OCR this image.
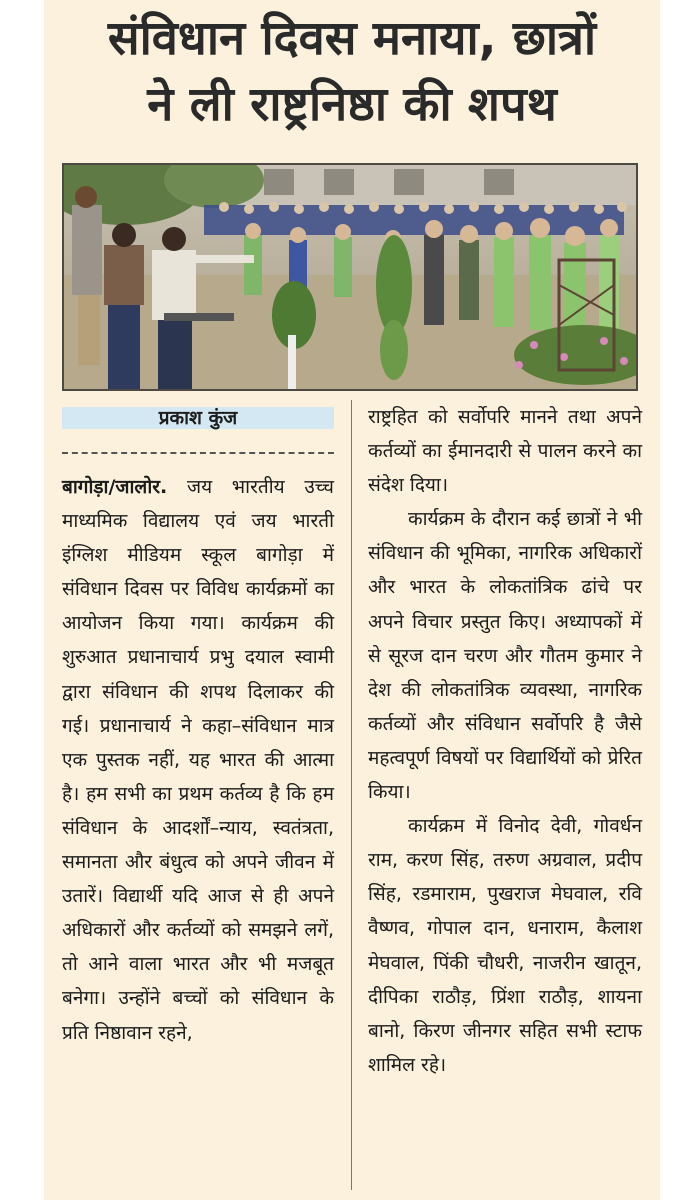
संविधान दिवस मनाया, छात्रों
ने ली राष्ट्रनिष्ठा की शपथ
प्रकाश कुंज

बागोड़ा/जालोर. जय भारतीय उच्च माध्यमिक विद्यालय एवं जय भारती इंग्लिश मीडियम स्कूल बागोड़ा में संविधान दिवस पर विविध कार्यक्रमों का आयोजन किया गया। कार्यक्रम की शुरुआत प्रधानाचार्य प्रभु दयाल स्वामी द्वारा संविधान की शपथ दिलाकर की गई। प्रधानाचार्य ने कहा–संविधान मात्र एक पुस्तक नहीं, यह भारत की आत्मा है। हम सभी का प्रथम कर्तव्य है कि हम संविधान के आदर्शों–न्याय, स्वतंत्रता, समानता और बंधुत्व को अपने जीवन में उतारें। विद्यार्थी यदि आज से ही अपने अधिकारों और कर्तव्यों को समझने लगें, तो आने वाला भारत और भी मजबूत बनेगा। उन्होंने बच्चों को संविधान के प्रति निष्ठावान रहने,

राष्ट्रहित को सर्वोपरि मानने तथा अपने कर्तव्यों का ईमानदारी से पालन करने का संदेश दिया।

कार्यक्रम के दौरान कई छात्रों ने भी संविधान की भूमिका, नागरिक अधिकारों और भारत के लोकतांत्रिक ढांचे पर अपने विचार प्रस्तुत किए। अध्यापकों में से सूरज दान चरण और गौतम कुमार ने देश की लोकतांत्रिक व्यवस्था, नागरिक कर्तव्यों और संविधान सर्वोपरि है जैसे महत्वपूर्ण विषयों पर विद्यार्थियों को प्रेरित किया।

कार्यक्रम में विनोद देवी, गोवर्धन राम, करण सिंह, तरुण अग्रवाल, प्रदीप सिंह, रडमाराम, पुखराज मेघवाल, रवि वैष्णव, गोपाल दान, धनाराम, कैलाश मेघवाल, पिंकी चौधरी, नाजरीन खातून, दीपिका राठौड़, प्रिंशा राठौड़, शायना बानो, किरण जीनगर सहित सभी स्टाफ शामिल रहे।
